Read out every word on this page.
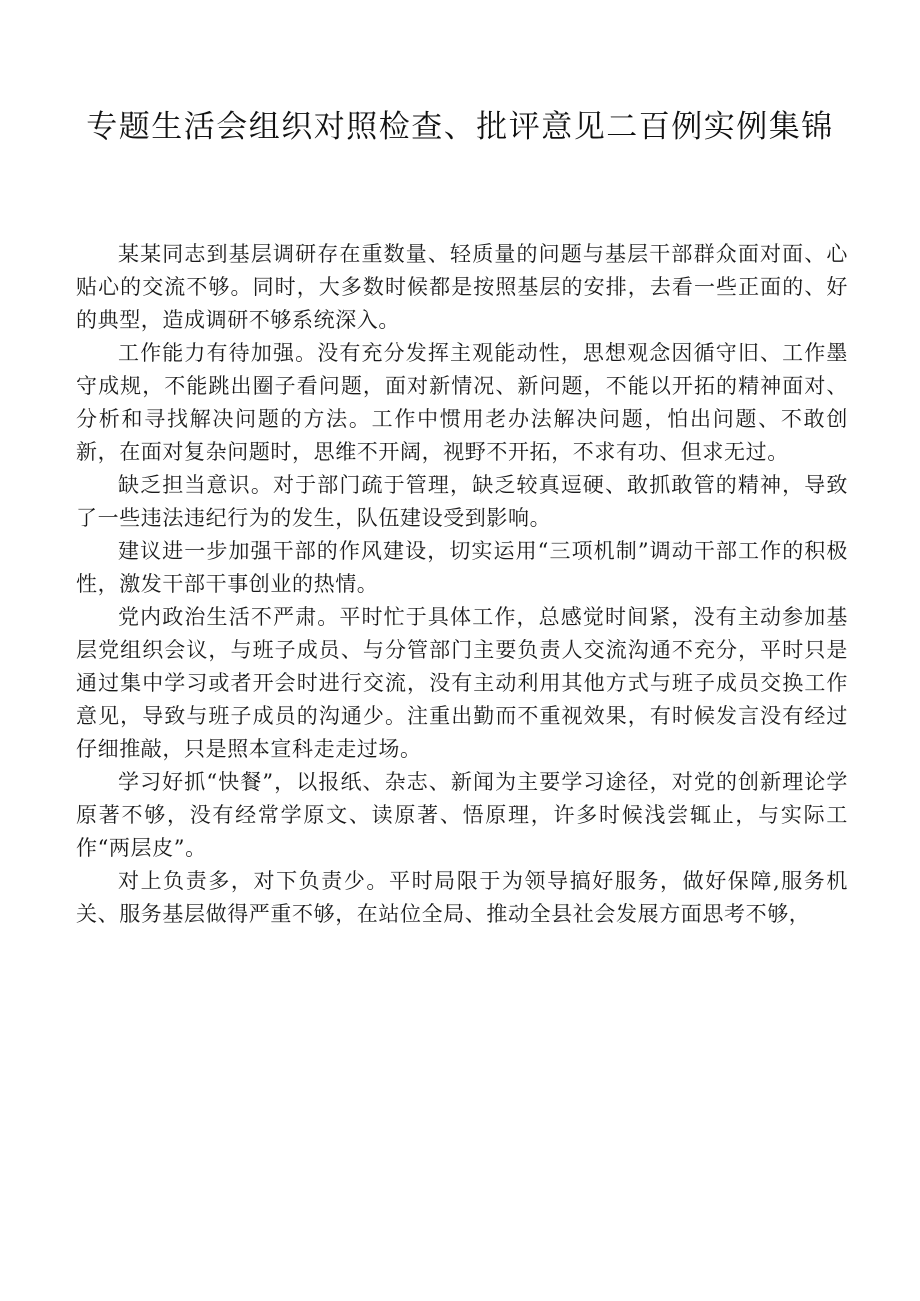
专题生活会组织对照检查、批评意见二百例实例集锦

某某同志到基层调研存在重数量、轻质量的问题与基层干部群众面对面、心贴心的交流不够。同时，大多数时候都是按照基层的安排，去看一些正面的、好的典型，造成调研不够系统深入。

工作能力有待加强。没有充分发挥主观能动性，思想观念因循守旧、工作墨守成规，不能跳出圈子看问题，面对新情况、新问题，不能以开拓的精神面对、分析和寻找解决问题的方法。工作中惯用老办法解决问题，怕出问题、不敢创新，在面对复杂问题时，思维不开阔，视野不开拓，不求有功、但求无过。

缺乏担当意识。对于部门疏于管理，缺乏较真逗硬、敢抓敢管的精神，导致了一些违法违纪行为的发生，队伍建设受到影响。

建议进一步加强干部的作风建设，切实运用“三项机制”调动干部工作的积极性，激发干部干事创业的热情。

党内政治生活不严肃。平时忙于具体工作，总感觉时间紧，没有主动参加基层党组织会议，与班子成员、与分管部门主要负责人交流沟通不充分，平时只是通过集中学习或者开会时进行交流，没有主动利用其他方式与班子成员交换工作意见，导致与班子成员的沟通少。注重出勤而不重视效果，有时候发言没有经过仔细推敲，只是照本宣科走走过场。

学习好抓“快餐”，以报纸、杂志、新闻为主要学习途径，对党的创新理论学原著不够，没有经常学原文、读原著、悟原理，许多时候浅尝辄止，与实际工作“两层皮”。

对上负责多，对下负责少。平时局限于为领导搞好服务，做好保障,服务机关、服务基层做得严重不够，在站位全局、推动全县社会发展方面思考不够，
